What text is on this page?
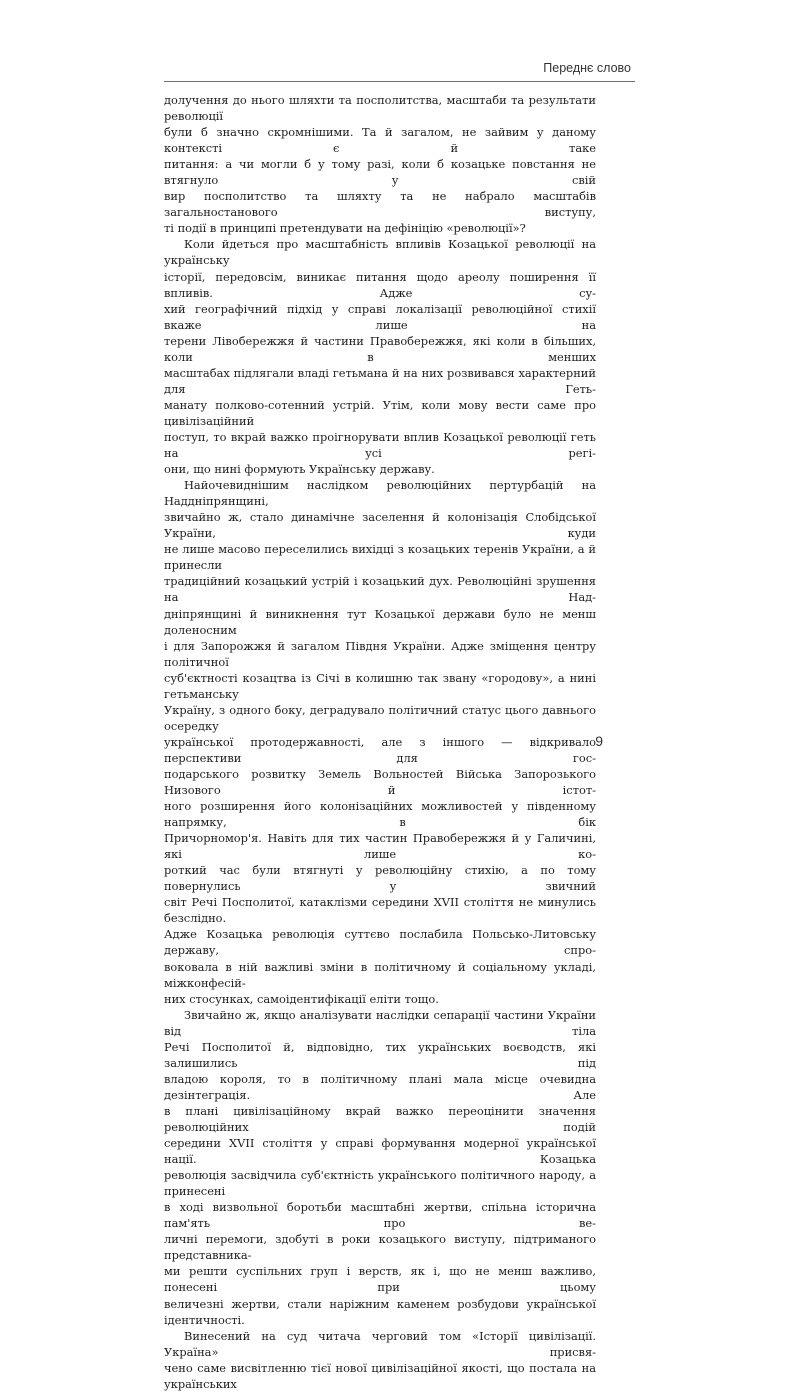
Переднє слово

долучення до нього шляхти та посполитства, масштаби та результати революції

були б значно скромнішими. Та й загалом, не зайвим у даному контексті є й таке

питання: а чи могли б у тому разі, коли б козацьке повстання не втягнуло у свій

вир посполитство та шляхту та не набрало масштабів загальностанового виступу,

ті події в принципі претендувати на дефініцію «революції»?

Коли йдеться про масштабність впливів Козацької революції на українську

історії, передовсім, виникає питання щодо ареолу поширення її впливів. Адже су-

хий географічний підхід у справі локалізації революційної стихії вкаже лише на

терени Лівобережжя й частини Правобережжя, які коли в більших, коли в менших

масштабах підлягали владі гетьмана й на них розвивався характерний для Геть-

манату полково-сотенний устрій. Утім, коли мову вести саме про цивілізаційний

поступ, то вкрай важко проігнорувати вплив Козацької революції геть на усі регі-

они, що нині формують Українську державу.

Найочевиднішим наслідком революційних пертурбацій на Наддніпрянщині,

звичайно ж, стало динамічне заселення й колонізація Слобідської України, куди

не лише масово переселились вихідці з козацьких теренів України, а й принесли

традиційний козацький устрій і козацький дух. Революційні зрушення на Над-

дніпрянщині й виникнення тут Козацької держави було не менш доленосним

і для Запорожжя й загалом Півдня України. Адже зміщення центру політичної

суб'єктності козацтва із Січі в колишню так звану «городову», а нині гетьманську

Україну, з одного боку, деградувало політичний статус цього давнього осередку

української протодержавності, але з іншого — відкривало перспективи для гос-

подарського розвитку Земель Вольностей Війська Запорозького Низового й істот-

ного розширення його колонізаційних можливостей у південному напрямку, в бік

Причорномор'я. Навіть для тих частин Правобережжя й у Галичині, які лише ко-

роткий час були втягнуті у революційну стихію, а по тому повернулись у звичний

світ Речі Посполитої, катаклізми середини XVII століття не минулись безслідно.

Адже Козацька революція суттєво послабила Польсько-Литовську державу, спро-

воковала в ній важливі зміни в політичному й соціальному укладі, міжконфесій-

них стосунках, самоідентифікації еліти тощо.

Звичайно ж, якщо аналізувати наслідки сепарації частини України від тіла

Речі Посполитої й, відповідно, тих українських воєводств, які залишились під

владою короля, то в політичному плані мала місце очевидна дезінтеграція. Але

в плані цивілізаційному вкрай важко переоцінити значення революційних подій

середини XVII століття у справі формування модерної української нації. Козацька

революція засвідчила суб'єктність українського політичного народу, а принесені

в ході визвольної боротьби масштабні жертви, спільна історична пам'ять про ве-

личні перемоги, здобуті в роки козацького виступу, підтриманого представника-

ми решти суспільних груп і верств, як і, що не менш важливо, понесені при цьому

величезні жертви, стали наріжним каменем розбудови української ідентичності.

Винесений на суд читача черговий том «Історії цивілізації. Україна» присвя-

чено саме висвітленню тієї нової цивілізаційної якості, що постала на українських

9
